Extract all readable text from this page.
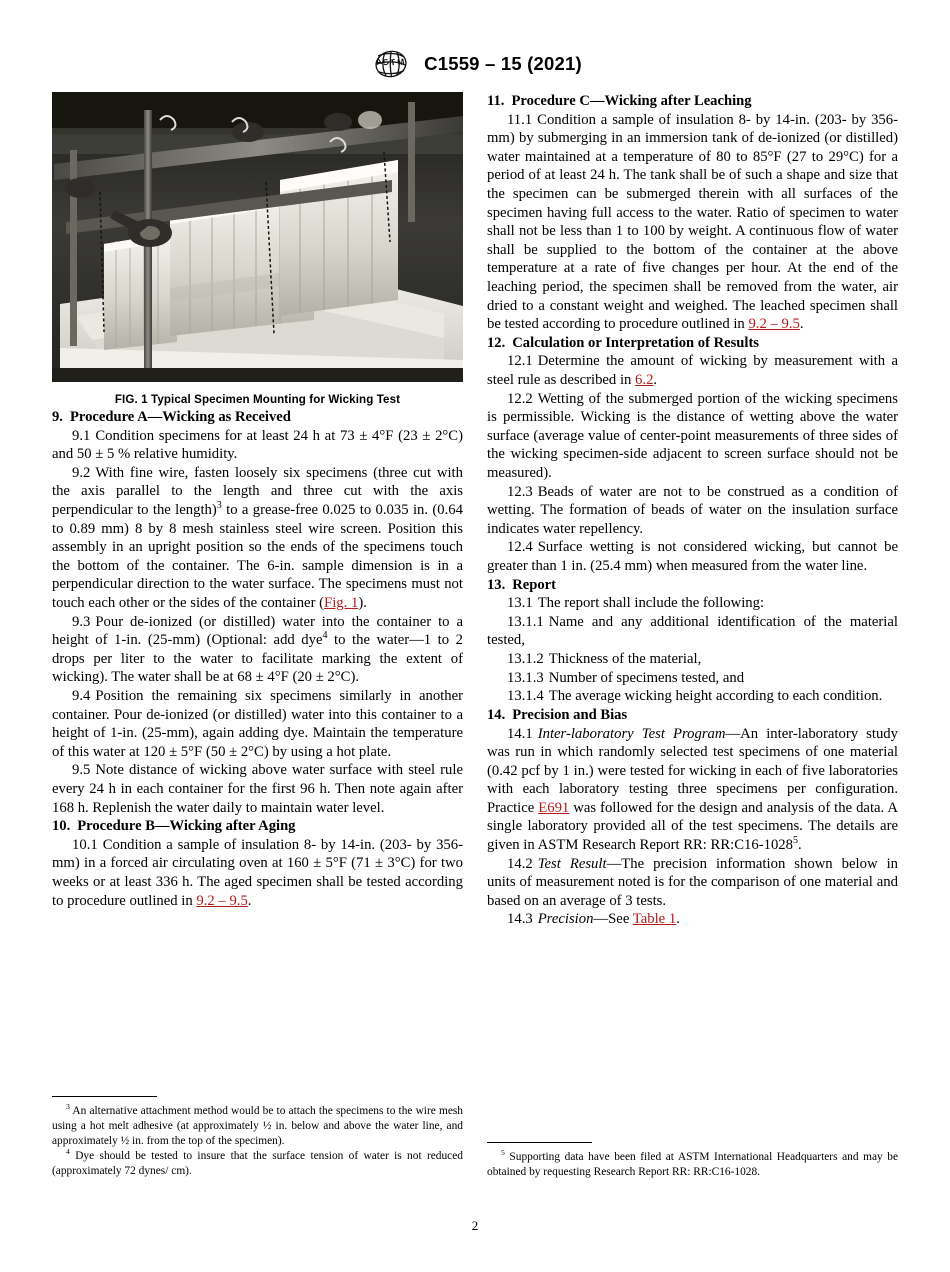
A S T M C1559 – 15 (2021)
FIG. 1 Typical Specimen Mounting for Wicking Test
9. Procedure A—Wicking as Received

9.1 Condition specimens for at least 24 h at 73 ± 4°F (23 ± 2°C) and 50 ± 5 % relative humidity.

9.2 With fine wire, fasten loosely six specimens (three cut with the axis parallel to the length and three cut with the axis perpendicular to the length)$^3$ to a grease-free 0.025 to 0.035 in. (0.64 to 0.89 mm) 8 by 8 mesh stainless steel wire screen. Position this assembly in an upright position so the ends of the specimens touch the bottom of the container. The 6-in. sample dimension is in a perpendicular direction to the water surface. The specimens must not touch each other or the sides of the container (Fig. 1).

9.3 Pour de-ionized (or distilled) water into the container to a height of 1-in. (25-mm) (Optional: add dye$^4$ to the water—1 to 2 drops per liter to the water to facilitate marking the extent of wicking). The water shall be at 68 ± 4°F (20 ± 2°C).

9.4 Position the remaining six specimens similarly in another container. Pour de-ionized (or distilled) water into this container to a height of 1-in. (25-mm), again adding dye. Maintain the temperature of this water at 120 ± 5°F (50 ± 2°C) by using a hot plate.

9.5 Note distance of wicking above water surface with steel rule every 24 h in each container for the first 96 h. Then note again after 168 h. Replenish the water daily to maintain water level.

10. Procedure B—Wicking after Aging

10.1 Condition a sample of insulation 8- by 14-in. (203- by 356-mm) in a forced air circulating oven at 160 ± 5°F (71 ± 3°C) for two weeks or at least 336 h. The aged specimen shall be tested according to procedure outlined in 9.2 – 9.5.

11. Procedure C—Wicking after Leaching

11.1 Condition a sample of insulation 8- by 14-in. (203- by 356-mm) by submerging in an immersion tank of de-ionized (or distilled) water maintained at a temperature of 80 to 85°F (27 to 29°C) for a period of at least 24 h. The tank shall be of such a shape and size that the specimen can be submerged therein with all surfaces of the specimen having full access to the water. Ratio of specimen to water shall not be less than 1 to 100 by weight. A continuous flow of water shall be supplied to the bottom of the container at the above temperature at a rate of five changes per hour. At the end of the leaching period, the specimen shall be removed from the water, air dried to a constant weight and weighed. The leached specimen shall be tested according to procedure outlined in 9.2 – 9.5.

12. Calculation or Interpretation of Results

12.1 Determine the amount of wicking by measurement with a steel rule as described in 6.2.

12.2 Wetting of the submerged portion of the wicking specimens is permissible. Wicking is the distance of wetting above the water surface (average value of center-point measurements of three sides of the wicking specimen-side adjacent to screen surface should not be measured).

12.3 Beads of water are not to be construed as a condition of wetting. The formation of beads of water on the insulation surface indicates water repellency.

12.4 Surface wetting is not considered wicking, but cannot be greater than 1 in. (25.4 mm) when measured from the water line.

13. Report

13.1 The report shall include the following:

13.1.1 Name and any additional identification of the material tested,

13.1.2 Thickness of the material,

13.1.3 Number of specimens tested, and

13.1.4 The average wicking height according to each condition.

14. Precision and Bias

14.1 Inter-laboratory Test Program—An inter-laboratory study was run in which randomly selected test specimens of one material (0.42 pcf by 1 in.) were tested for wicking in each of five laboratories with each laboratory testing three specimens per configuration. Practice E691 was followed for the design and analysis of the data. A single laboratory provided all of the test specimens. The details are given in ASTM Research Report RR: RR:C16-1028$^5$.

14.2 Test Result—The precision information shown below in units of measurement noted is for the comparison of one material and based on an average of 3 tests.

14.3 Precision—See Table 1.

$^3$ An alternative attachment method would be to attach the specimens to the wire mesh using a hot melt adhesive (at approximately ½ in. below and above the water line, and approximately ½ in. from the top of the specimen).

$^4$ Dye should be tested to insure that the surface tension of water is not reduced (approximately 72 dynes/ cm).

$^5$ Supporting data have been filed at ASTM International Headquarters and may be obtained by requesting Research Report RR: RR:C16-1028.

2
